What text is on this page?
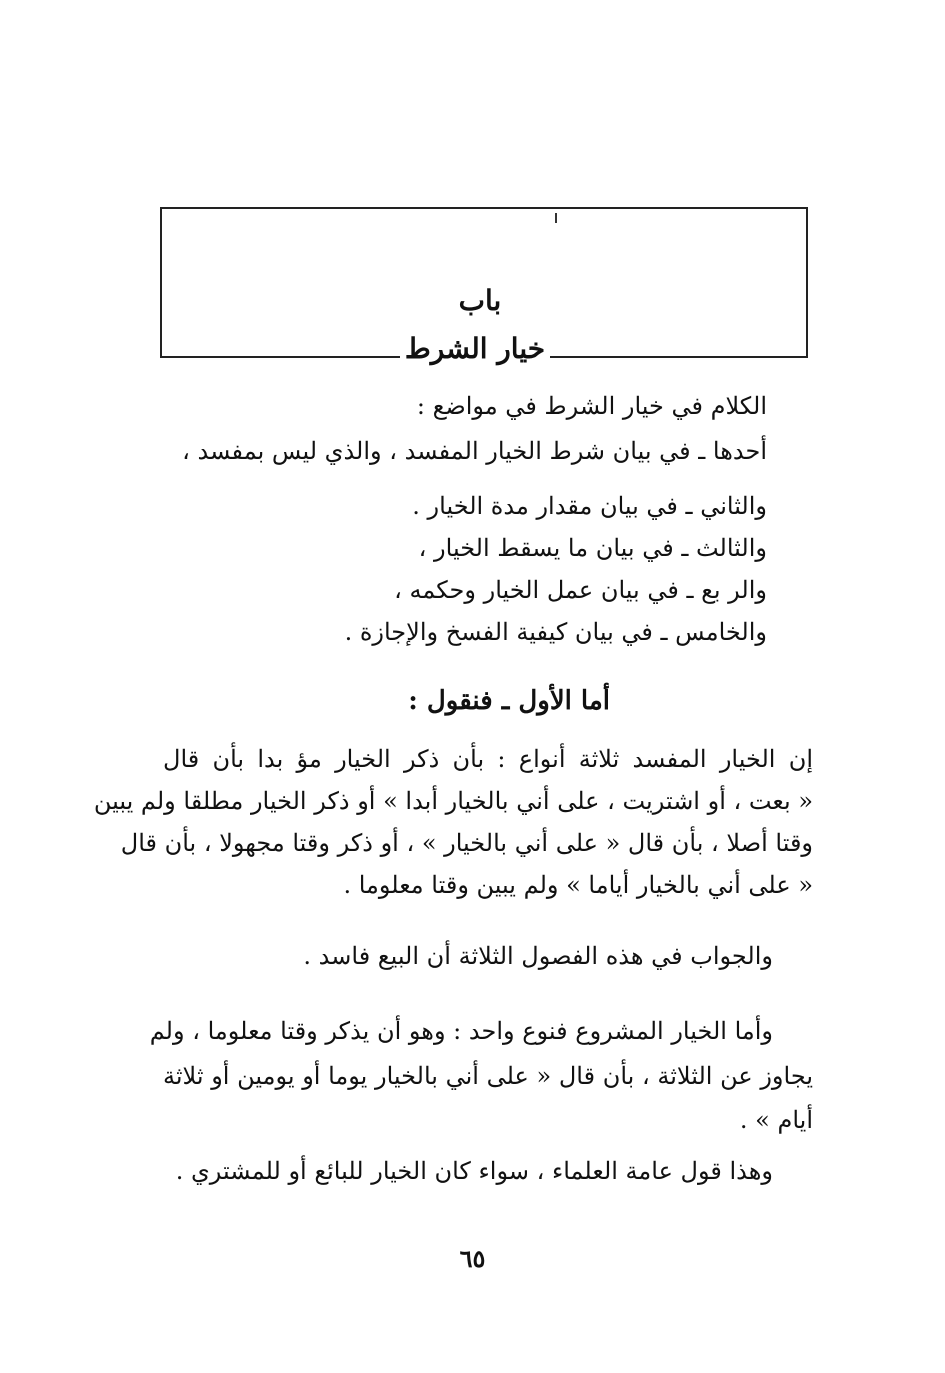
باب
خيار الشرط
الكلام في خيار الشرط في مواضع :
أحدها ـ في بيان شرط الخيار المفسد ، والذي ليس بمفسد ،
والثاني ـ في بيان مقدار مدة الخيار .
والثالث ـ في بيان ما يسقط الخيار ،
والر بع ـ في بيان عمل الخيار وحكمه ،
والخامس ـ في بيان كيفية الفسخ والإجازة .
أما الأول ـ فنقول :
إن الخيار المفسد ثلاثة أنواع : بأن ذكر الخيار مؤ بدا بأن قال
« بعت ، أو اشتريت ، على أني بالخيار أبدا » أو ذكر الخيار مطلقا ولم يبين
وقتا أصلا ، بأن قال « على أني بالخيار » ، أو ذكر وقتا مجهولا ، بأن قال
« على أني بالخيار أياما » ولم يبين وقتا معلوما .
والجواب في هذه الفصول الثلاثة أن البيع فاسد .
وأما الخيار المشروع فنوع واحد : وهو أن يذكر وقتا معلوما ، ولم
يجاوز عن الثلاثة ، بأن قال « على أني بالخيار يوما أو يومين أو ثلاثة
أيام » .
وهذا قول عامة العلماء ، سواء كان الخيار للبائع أو للمشتري .
٦٥
